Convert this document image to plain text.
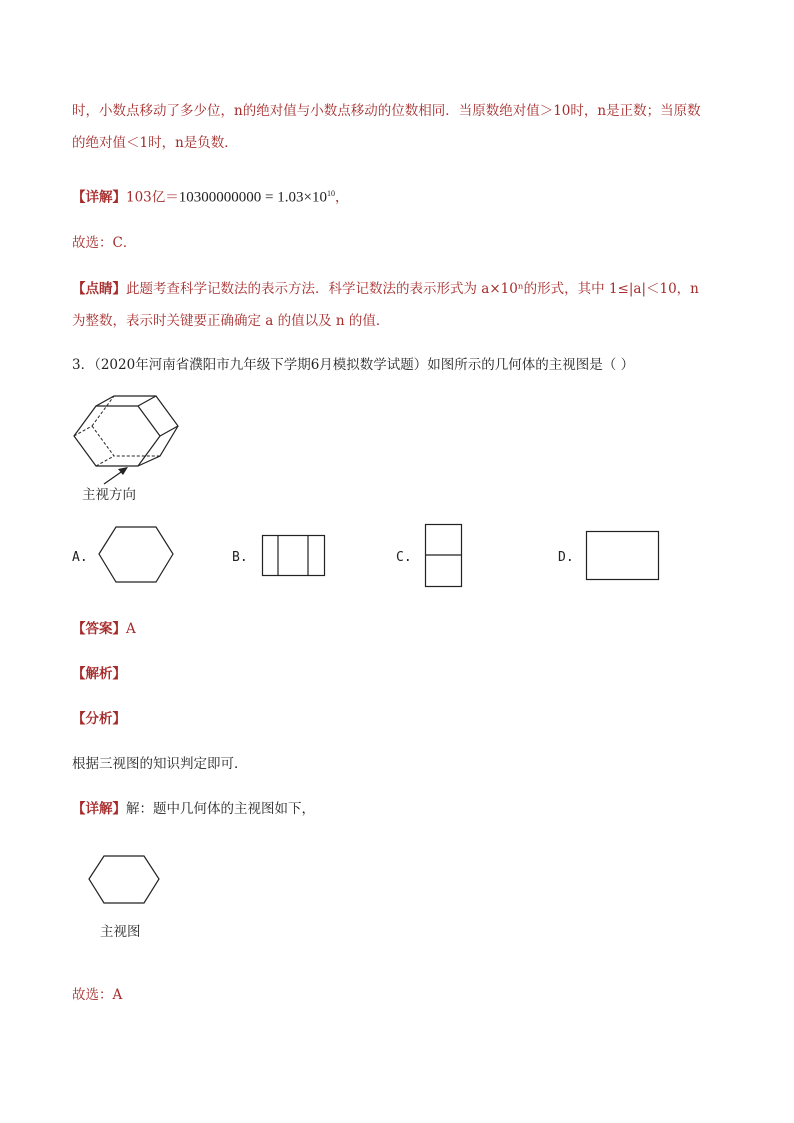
时，小数点移动了多少位，n的绝对值与小数点移动的位数相同．当原数绝对值＞10时，n是正数；当原数
的绝对值＜1时，n是负数．
【详解】103亿$=10300000000 = 1.03\times 10^{10}$，
故选：C．
【点睛】此题考查科学记数法的表示方法．科学记数法的表示形式为 a×10ⁿ的形式，其中 1≤|a|＜10，n
为整数，表示时关键要正确确定 a 的值以及 n 的值．
3．（2020年河南省濮阳市九年级下学期6月模拟数学试题）如图所示的几何体的主视图是（ ）
主视方向
A.	B.	C.	D.
【答案】A
【解析】
【分析】
根据三视图的知识判定即可．
【详解】解：题中几何体的主视图如下，
主视图
故选：A
